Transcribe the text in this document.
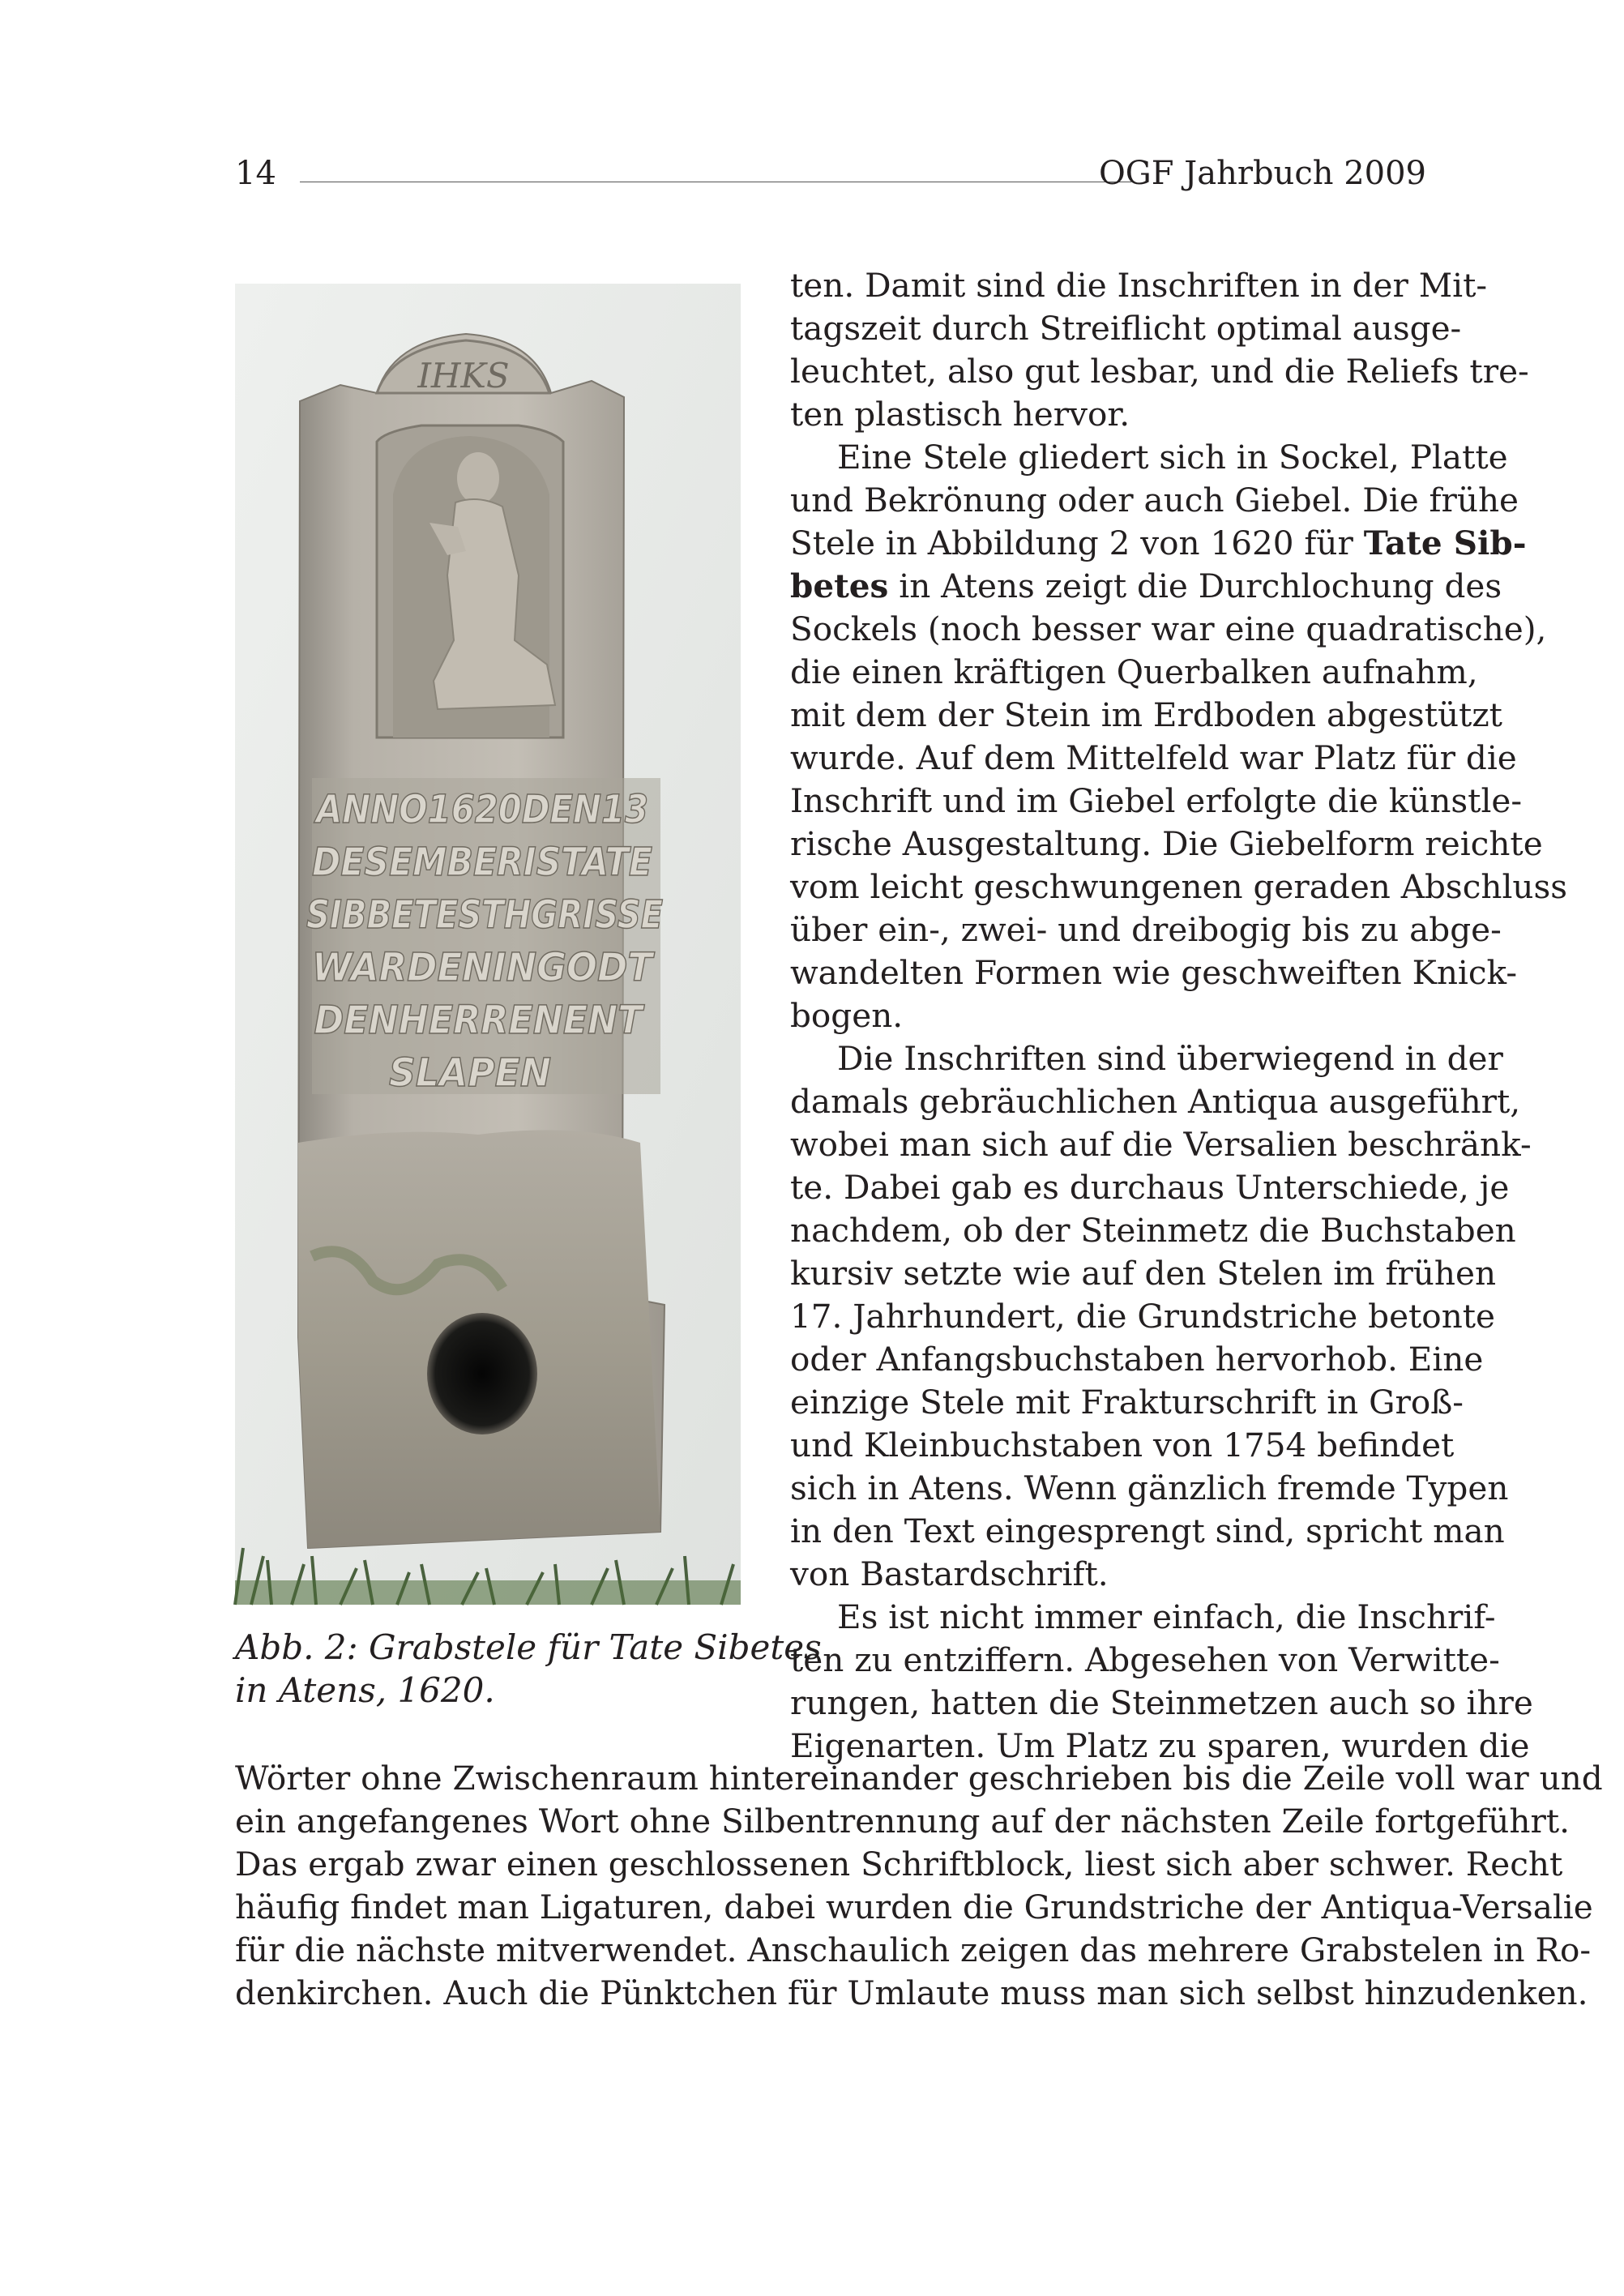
14	OGF Jahrbuch 2009
IHKS
ANNO1620DEN13
DESEMBERISTATE
SIBBETESTHGRISSE
WARDENINGODT
DENHERRENENT
SLAPEN
Abb. 2: Grabstele für Tate Sibetes
in Atens, 1620.
ten. Damit sind die Inschriften in der Mit-
tagszeit durch Streiflicht optimal ausge-
leuchtet, also gut lesbar, und die Reliefs tre-
ten plastisch hervor.
Eine Stele gliedert sich in Sockel, Platte
und Bekrönung oder auch Giebel. Die frühe
Stele in Abbildung 2 von 1620 für Tate Sib-
betes in Atens zeigt die Durchlochung des
Sockels (noch besser war eine quadratische),
die einen kräftigen Querbalken aufnahm,
mit dem der Stein im Erdboden abgestützt
wurde. Auf dem Mittelfeld war Platz für die
Inschrift und im Giebel erfolgte die künstle-
rische Ausgestaltung. Die Giebelform reichte
vom leicht geschwungenen geraden Abschluss
über ein-, zwei- und dreibogig bis zu abge-
wandelten Formen wie geschweiften Knick-
bogen.
Die Inschriften sind überwiegend in der
damals gebräuchlichen Antiqua ausgeführt,
wobei man sich auf die Versalien beschränk-
te. Dabei gab es durchaus Unterschiede, je
nachdem, ob der Steinmetz die Buchstaben
kursiv setzte wie auf den Stelen im frühen
17. Jahrhundert, die Grundstriche betonte
oder Anfangsbuchstaben hervorhob. Eine
einzige Stele mit Frakturschrift in Groß-
und Kleinbuchstaben von 1754 befindet
sich in Atens. Wenn gänzlich fremde Typen
in den Text eingesprengt sind, spricht man
von Bastardschrift.
Es ist nicht immer einfach, die Inschrif-
ten zu entziffern. Abgesehen von Verwitte-
rungen, hatten die Steinmetzen auch so ihre
Eigenarten. Um Platz zu sparen, wurden die
Wörter ohne Zwischenraum hintereinander geschrieben bis die Zeile voll war und
ein angefangenes Wort ohne Silbentrennung auf der nächsten Zeile fortgeführt.
Das ergab zwar einen geschlossenen Schriftblock, liest sich aber schwer. Recht
häufig findet man Ligaturen, dabei wurden die Grundstriche der Antiqua-Versalie
für die nächste mitverwendet. Anschaulich zeigen das mehrere Grabstelen in Ro-
denkirchen. Auch die Pünktchen für Umlaute muss man sich selbst hinzudenken.
